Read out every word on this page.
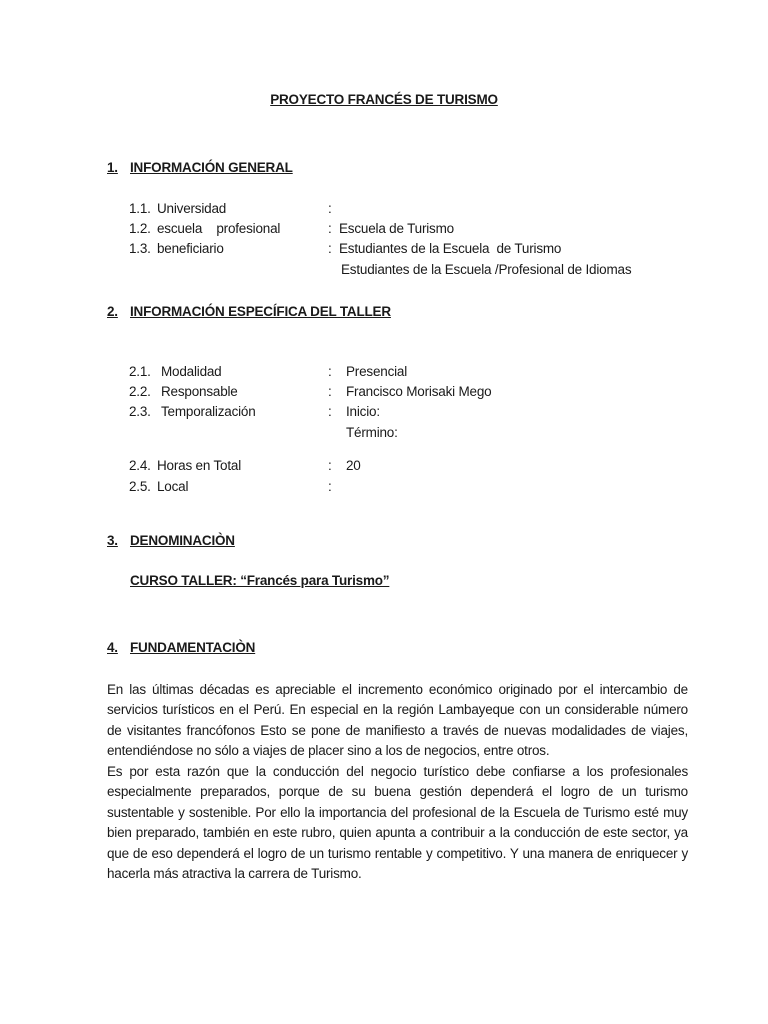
PROYECTO FRANCÉS DE TURISMO
1. INFORMACIÓN GENERAL
1.1. Universidad	:
1.2. escuela    profesional	: Escuela de Turismo
1.3. beneficiario	: Estudiantes de la Escuela  de Turismo
Estudiantes de la Escuela /Profesional de Idiomas
2. INFORMACIÓN ESPECÍFICA DEL TALLER
2.1. Modalidad	: Presencial
2.2. Responsable	: Francisco Morisaki Mego
2.3. Temporalización	: Inicio:
Término:
2.4. Horas en Total	: 20
2.5. Local	:
3. DENOMINACIÒN
CURSO TALLER: “Francés para Turismo”
4. FUNDAMENTACIÒN
En las últimas décadas es apreciable el incremento económico originado por el intercambio de servicios turísticos en el Perú. En especial en la región Lambayeque con un considerable número de visitantes francófonos Esto se pone de manifiesto a través de nuevas modalidades de viajes, entendiéndose no sólo a viajes de placer sino a los de negocios, entre otros.
Es por esta razón que la conducción del negocio turístico debe confiarse a los profesionales especialmente preparados, porque de su buena gestión dependerá el logro de un turismo sustentable y sostenible. Por ello la importancia del profesional de la Escuela de Turismo esté muy bien preparado, también en este rubro, quien apunta a contribuir a la conducción de este sector, ya que de eso dependerá el logro de un turismo rentable y competitivo. Y una manera de enriquecer y hacerla más atractiva la carrera de Turismo.
